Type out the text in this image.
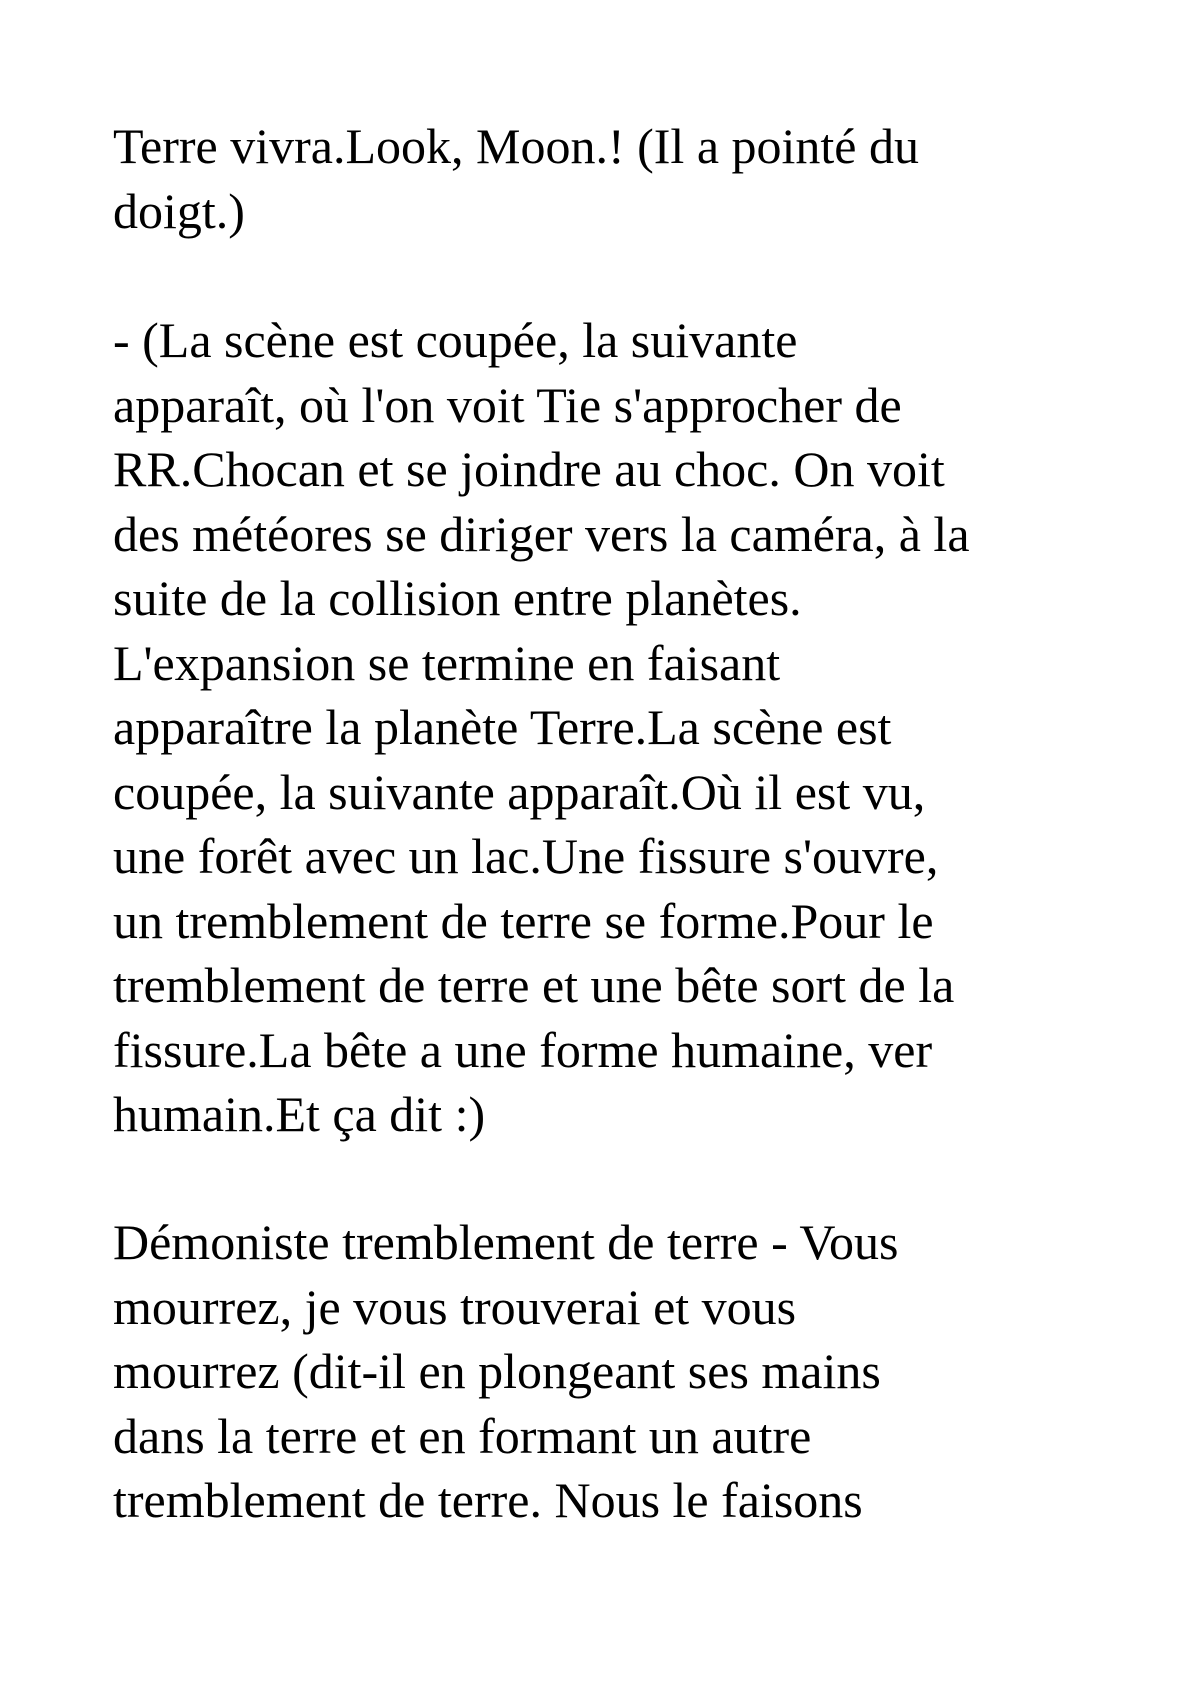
Terre vivra.Look, Moon.! (Il a pointé du
doigt.)

- (La scène est coupée, la suivante
apparaît, où l'on voit Tie s'approcher de
RR.Chocan et se joindre au choc. On voit
des météores se diriger vers la caméra, à la
suite de la collision entre planètes.
L'expansion se termine en faisant
apparaître la planète Terre.La scène est
coupée, la suivante apparaît.Où il est vu,
une forêt avec un lac.Une fissure s'ouvre,
un tremblement de terre se forme.Pour le
tremblement de terre et une bête sort de la
fissure.La bête a une forme humaine, ver
humain.Et ça dit :)

Démoniste tremblement de terre - Vous
mourrez, je vous trouverai et vous
mourrez (dit-il en plongeant ses mains
dans la terre et en formant un autre
tremblement de terre. Nous le faisons
